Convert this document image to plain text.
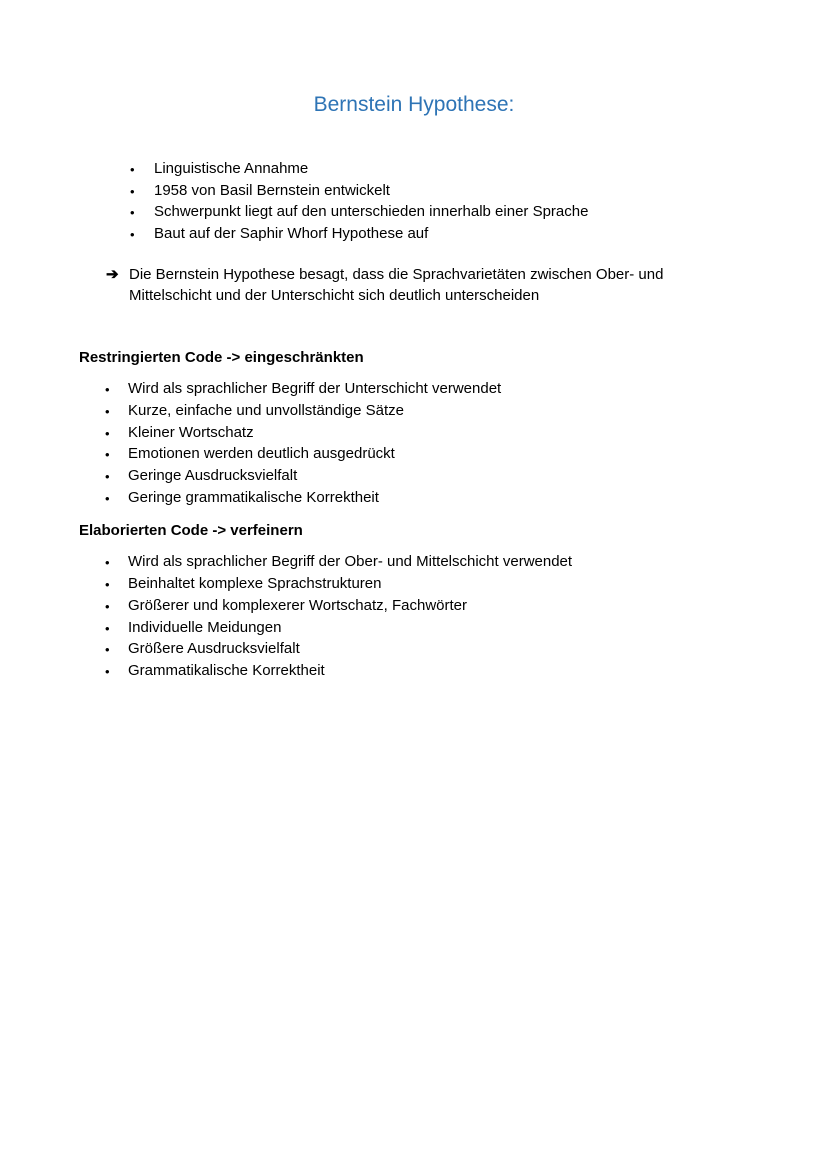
Bernstein Hypothese:
•	Linguistische Annahme
•	1958 von Basil Bernstein entwickelt
•	Schwerpunkt liegt auf den unterschieden innerhalb einer Sprache
•	Baut auf der Saphir Whorf Hypothese auf
➔ Die Bernstein Hypothese besagt, dass die Sprachvarietäten zwischen Ober- und Mittelschicht und der Unterschicht sich deutlich unterscheiden
Restringierten Code -> eingeschränkten
•	Wird als sprachlicher Begriff der Unterschicht verwendet
•	Kurze, einfache und unvollständige Sätze
•	Kleiner Wortschatz
•	Emotionen werden deutlich ausgedrückt
•	Geringe Ausdrucksvielfalt
•	Geringe grammatikalische Korrektheit
Elaborierten Code -> verfeinern
•	Wird als sprachlicher Begriff der Ober- und Mittelschicht verwendet
•	Beinhaltet komplexe Sprachstrukturen
•	Größerer und komplexerer Wortschatz, Fachwörter
•	Individuelle Meidungen
•	Größere Ausdrucksvielfalt
•	Grammatikalische Korrektheit
